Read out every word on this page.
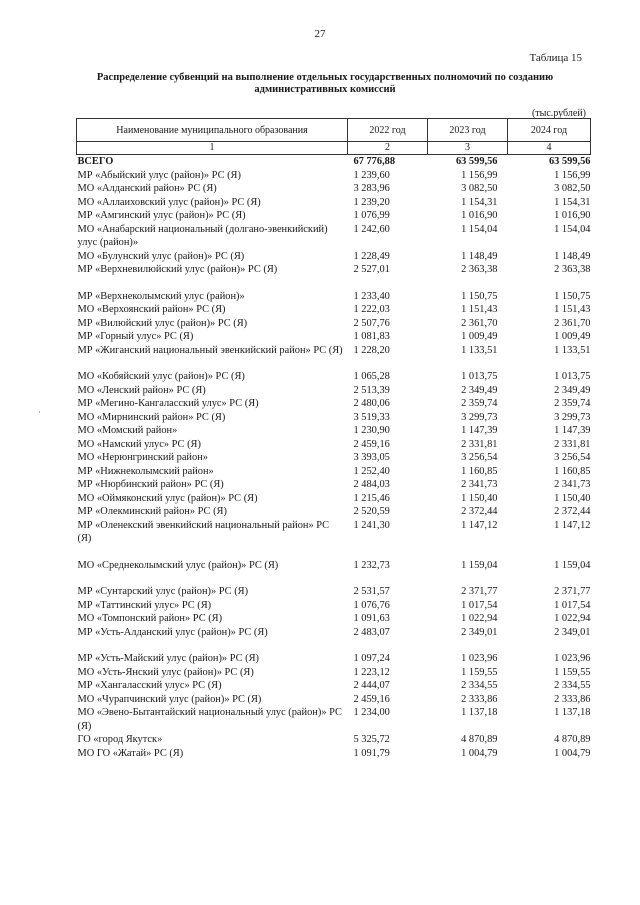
27
Таблица 15
Распределение субвенций на выполнение отдельных государственных полномочий по созданию административных комиссий
(тыс.рублей)
·
Наименование муниципального образования	2022 год	2023 год	2024 год
1	2	3	4
ВСЕГО	67 776,88	63 599,56	63 599,56
МР «Абыйский улус (район)» РС (Я)	1 239,60	1 156,99	1 156,99
МО «Алданский район» РС (Я)	3 283,96	3 082,50	3 082,50
МО «Аллаиховский улус (район)» РС (Я)	1 239,20	1 154,31	1 154,31
МР «Амгинский улус (район)» РС (Я)	1 076,99	1 016,90	1 016,90
МО «Анабарский национальный (долгано-эвенкийский) улус (район)»	1 242,60	1 154,04	1 154,04
МО «Булунский улус (район)» РС (Я)	1 228,49	1 148,49	1 148,49
МР «Верхневилюйский улус (район)» РС (Я)	2 527,01	2 363,38	2 363,38

МР «Верхнеколымский улус (район)»	1 233,40	1 150,75	1 150,75
МО «Верхоянский район» РС (Я)	1 222,03	1 151,43	1 151,43
МР «Вилюйский улус (район)» РС (Я)	2 507,76	2 361,70	2 361,70
МР «Горный улус» РС (Я)	1 081,83	1 009,49	1 009,49
МР «Жиганский национальный эвенкийский район» РС (Я)	1 228,20	1 133,51	1 133,51

МО «Кобяйский улус (район)» РС (Я)	1 065,28	1 013,75	1 013,75
МО «Ленский район» РС (Я)	2 513,39	2 349,49	2 349,49
МР «Мегино-Кангаласский улус» РС (Я)	2 480,06	2 359,74	2 359,74
МО «Мирнинский район» РС (Я)	3 519,33	3 299,73	3 299,73
МО «Момский район»	1 230,90	1 147,39	1 147,39
МО «Намский улус» РС (Я)	2 459,16	2 331,81	2 331,81
МО «Нерюнгринский район»	3 393,05	3 256,54	3 256,54
МР «Нижнеколымский район»	1 252,40	1 160,85	1 160,85
МР «Нюрбинский район» РС (Я)	2 484,03	2 341,73	2 341,73
МО «Оймяконский улус (район)» РС (Я)	1 215,46	1 150,40	1 150,40
МР «Олекминский район» РС (Я)	2 520,59	2 372,44	2 372,44
МР «Оленекский эвенкийский национальный район» РС (Я)	1 241,30	1 147,12	1 147,12

МО «Среднеколымский улус (район)» РС (Я)	1 232,73	1 159,04	1 159,04

МР «Сунтарский улус (район)» РС (Я)	2 531,57	2 371,77	2 371,77
МР «Таттинский улус» РС (Я)	1 076,76	1 017,54	1 017,54
МО «Томпонский район» РС (Я)	1 091,63	1 022,94	1 022,94
МР «Усть-Алданский улус (район)» РС (Я)	2 483,07	2 349,01	2 349,01

МР «Усть-Майский улус (район)» РС (Я)	1 097,24	1 023,96	1 023,96
МО «Усть-Янский улус (район)» РС (Я)	1 223,12	1 159,55	1 159,55
МР «Хангаласский улус» РС (Я)	2 444,07	2 334,55	2 334,55
МО «Чурапчинский улус (район)» РС (Я)	2 459,16	2 333,86	2 333,86
МО «Эвено-Бытантайский национальный улус (район)» РС (Я)	1 234,00	1 137,18	1 137,18
ГО «город Якутск»	5 325,72	4 870,89	4 870,89
МО ГО «Жатай» РС (Я)	1 091,79	1 004,79	1 004,79
